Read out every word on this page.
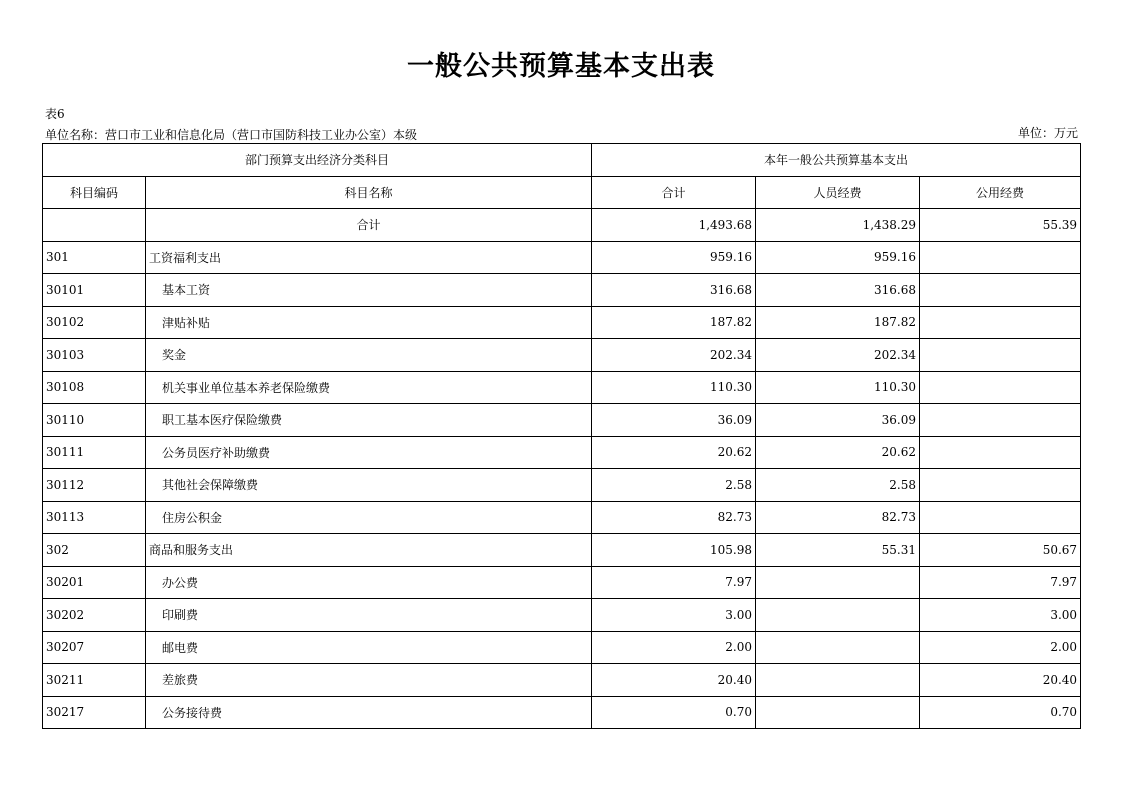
一般公共预算基本支出表
表6
单位名称：营口市工业和信息化局（营口市国防科技工业办公室）本级	单位：万元
部门预算支出经济分类科目		本年一般公共预算基本支出		
科目编码	科目名称	合计	人员经费	公用经费
	合计	1,493.68	1,438.29	55.39
301	工资福利支出	959.16	959.16	
30101	基本工资	316.68	316.68	
30102	津贴补贴	187.82	187.82	
30103	奖金	202.34	202.34	
30108	机关事业单位基本养老保险缴费	110.30	110.30	
30110	职工基本医疗保险缴费	36.09	36.09	
30111	公务员医疗补助缴费	20.62	20.62	
30112	其他社会保障缴费	2.58	2.58	
30113	住房公积金	82.73	82.73	
302	商品和服务支出	105.98	55.31	50.67
30201	办公费	7.97		7.97
30202	印刷费	3.00		3.00
30207	邮电费	2.00		2.00
30211	差旅费	20.40		20.40
30217	公务接待费	0.70		0.70
